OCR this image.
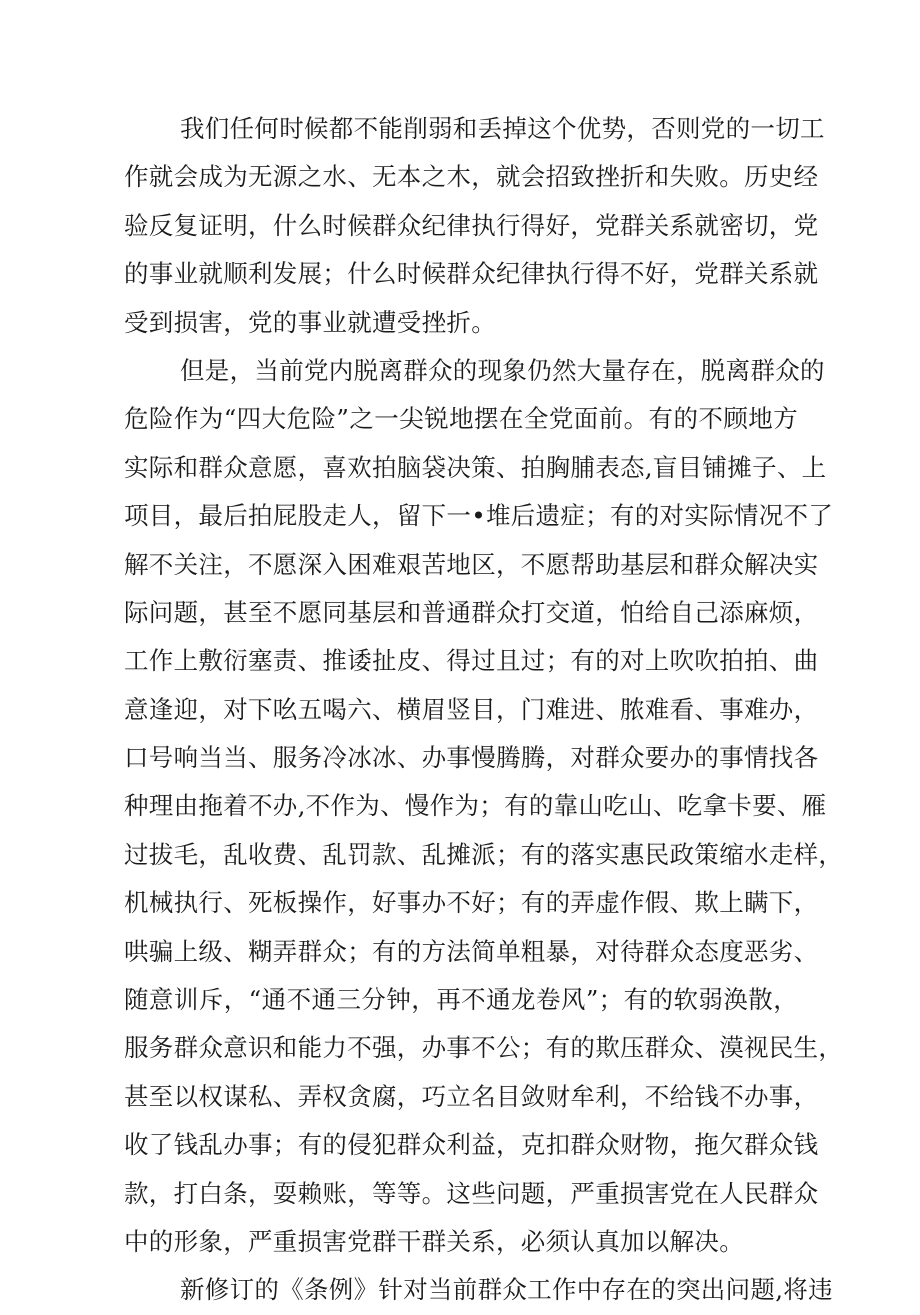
我们任何时候都不能削弱和丢掉这个优势，否则党的一切工
作就会成为无源之水、无本之木，就会招致挫折和失败。历史经
验反复证明，什么时候群众纪律执行得好，党群关系就密切，党
的事业就顺利发展；什么时候群众纪律执行得不好，党群关系就
受到损害，党的事业就遭受挫折。
但是，当前党内脱离群众的现象仍然大量存在，脱离群众的
危险作为“四大危险”之一尖锐地摆在全党面前。有的不顾地方
实际和群众意愿，喜欢拍脑袋决策、拍胸脯表态,盲目铺摊子、上
项目，最后拍屁股走人，留下一•堆后遗症；有的对实际情况不了
解不关注，不愿深入困难艰苦地区，不愿帮助基层和群众解决实
际问题，甚至不愿同基层和普通群众打交道，怕给自己添麻烦，
工作上敷衍塞责、推诿扯皮、得过且过；有的对上吹吹拍拍、曲
意逢迎，对下吆五喝六、横眉竖目，门难进、脓难看、事难办，
口号响当当、服务冷冰冰、办事慢腾腾，对群众要办的事情找各
种理由拖着不办,不作为、慢作为；有的靠山吃山、吃拿卡要、雁
过拔毛，乱收费、乱罚款、乱摊派；有的落实惠民政策缩水走样，
机械执行、死板操作，好事办不好；有的弄虚作假、欺上瞒下，
哄骗上级、糊弄群众；有的方法简单粗暴，对待群众态度恶劣、
随意训斥，“通不通三分钟，再不通龙卷风”；有的软弱涣散，
服务群众意识和能力不强，办事不公；有的欺压群众、漠视民生，
甚至以权谋私、弄权贪腐，巧立名目敛财牟利，不给钱不办事，
收了钱乱办事；有的侵犯群众利益，克扣群众财物，拖欠群众钱
款，打白条，耍赖账，等等。这些问题，严重损害党在人民群众
中的形象，严重损害党群干群关系，必须认真加以解决。
新修订的《条例》针对当前群众工作中存在的突出问题,将违
